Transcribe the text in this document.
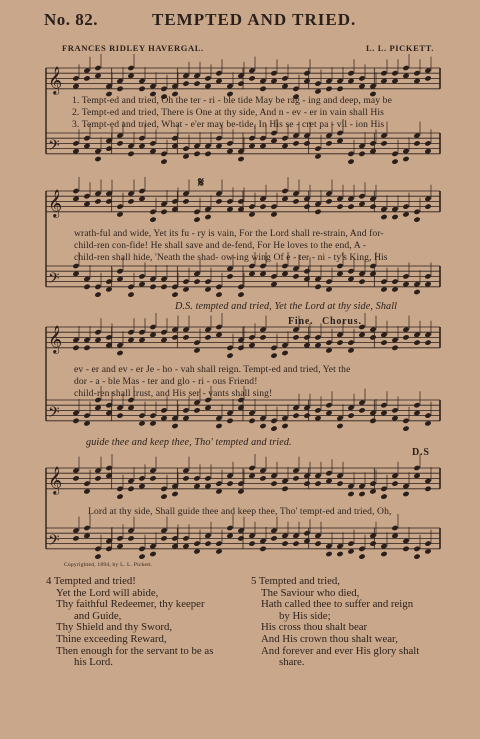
No. 82.	TEMPTED AND TRIED.
FRANCES RIDLEY HAVERGAL.	L. L. PICKETT.
𝄞
𝄢
𝄞
𝄢
𝄞
𝄢
𝄞
𝄢
1. Tempt-ed and tried, Oh the ter - ri - ble tide May be rag - ing and deep, may be
2. Tempt-ed and tried, There is One at thy side, And n - ev - er in vain shall His
3. Tempt-ed and tried, What - e'er may be-tide, In His se - cret pa - vil - ion His
𝄋
wrath-ful and wide, Yet its fu - ry is vain, For the Lord shall re-strain, And for-
child-ren con-fide! He shall save and de-fend, For He loves to the end, A -
child-ren shall hide, 'Neath the shad- ow-ing wing Of e - ter - ni - ty's King, His
D.S. tempted and tried, Yet the Lord at thy side, Shall
Fine. Chorus.
ev - er and ev - er Je - ho - vah shall reign. Tempt-ed and tried, Yet the
dor - a - ble Mas - ter and glo - ri - ous Friend!
child-ren shall trust, and His ser - vants shall sing!
guide thee and keep thee, Tho' tempted and tried.
D.S
Lord at thy side, Shall guide thee and keep thee, Tho' tempt-ed and tried, Oh,
Copyrighted, 1894, by L. L. Pickett.
4 Tempted and tried!
Yet the Lord will abide,
Thy faithful Redeemer, thy keeper
and Guide,
Thy Shield and thy Sword,
Thine exceeding Reward,
Then enough for the servant to be as
his Lord.
5 Tempted and tried,
The Saviour who died,
Hath called thee to suffer and reign
by His side;
His cross thou shalt bear
And His crown thou shalt wear,
And forever and ever His glory shalt
share.
